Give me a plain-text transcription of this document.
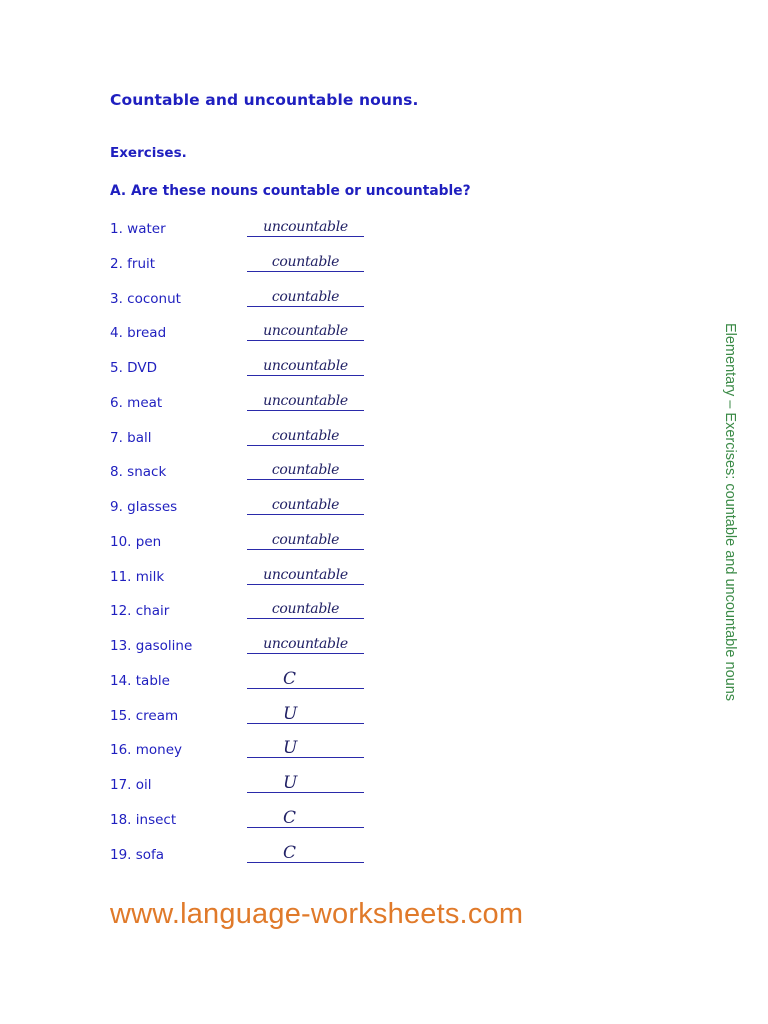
Countable and uncountable nouns.
Exercises.
A. Are these nouns countable or uncountable?
1. water	uncountable
2. fruit	countable
3. coconut	countable
4. bread	uncountable
5. DVD	uncountable
6. meat	uncountable
7. ball	countable
8. snack	countable
9. glasses	countable
10. pen	countable
11. milk	uncountable
12. chair	countable
13. gasoline	uncountable
14. table	C
15. cream	U
16. money	U
17. oil	U
18. insect	C
19. sofa	C
Elementary – Exercises: countable and uncountable nouns
www.language-worksheets.com
